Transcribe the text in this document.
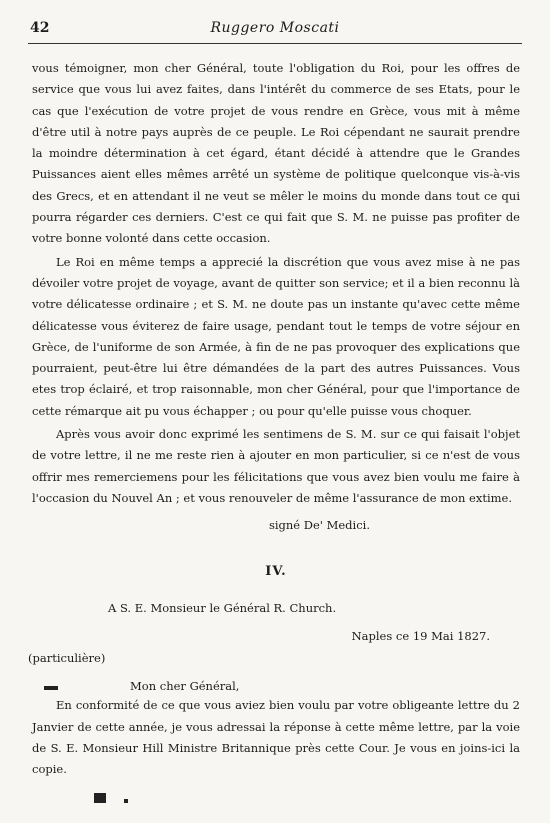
42	Ruggero Moscati

vous témoigner, mon cher Général, toute l'obligation du Roi, pour les offres de service que vous lui avez faites, dans l'intérêt du commerce de ses Etats, pour le cas que l'exécution de votre projet de vous rendre en Grèce, vous mit à même d'être util à notre pays auprès de ce peuple. Le Roi cépendant ne saurait prendre la moindre détermination à cet égard, étant décidé à attendre que le Grandes Puissances aient elles mêmes arrêté un système de politique quelconque vis-à-vis des Grecs, et en attendant il ne veut se mêler le moins du monde dans tout ce qui pourra régarder ces derniers. C'est ce qui fait que S. M. ne puisse pas profiter de votre bonne volonté dans cette occasion.

Le Roi en même temps a apprecié la discrétion que vous avez mise à ne pas dévoiler votre projet de voyage, avant de quitter son service; et il a bien reconnu là votre délicatesse ordinaire ; et S. M. ne doute pas un instante qu'avec cette même délicatesse vous éviterez de faire usage, pendant tout le temps de votre séjour en Grèce, de l'uniforme de son Armée, à fin de ne pas provoquer des explications que pourraient, peut-être lui être démandées de la part des autres Puissances. Vous etes trop éclairé, et trop raisonnable, mon cher Général, pour que l'importance de cette rémarque ait pu vous échapper ; ou pour qu'elle puisse vous choquer.

Après vous avoir donc exprimé les sentimens de S. M. sur ce qui faisait l'objet de votre lettre, il ne me reste rien à ajouter en mon particulier, si ce n'est de vous offrir mes remerciemens pour les félicitations que vous avez bien voulu me faire à l'occasion du Nouvel An ; et vous renouveler de même l'assurance de mon extime.

signé De' Medici.
IV.
A S. E. Monsieur le Général R. Church.
Naples ce 19 Mai 1827.
(particulière)
Mon cher Général,

En conformité de ce que vous aviez bien voulu par votre obligeante lettre du 2 Janvier de cette année, je vous adressai la réponse à cette même lettre, par la voie de S. E. Monsieur Hill Ministre Britannique près cette Cour. Je vous en joins-ici la copie.
